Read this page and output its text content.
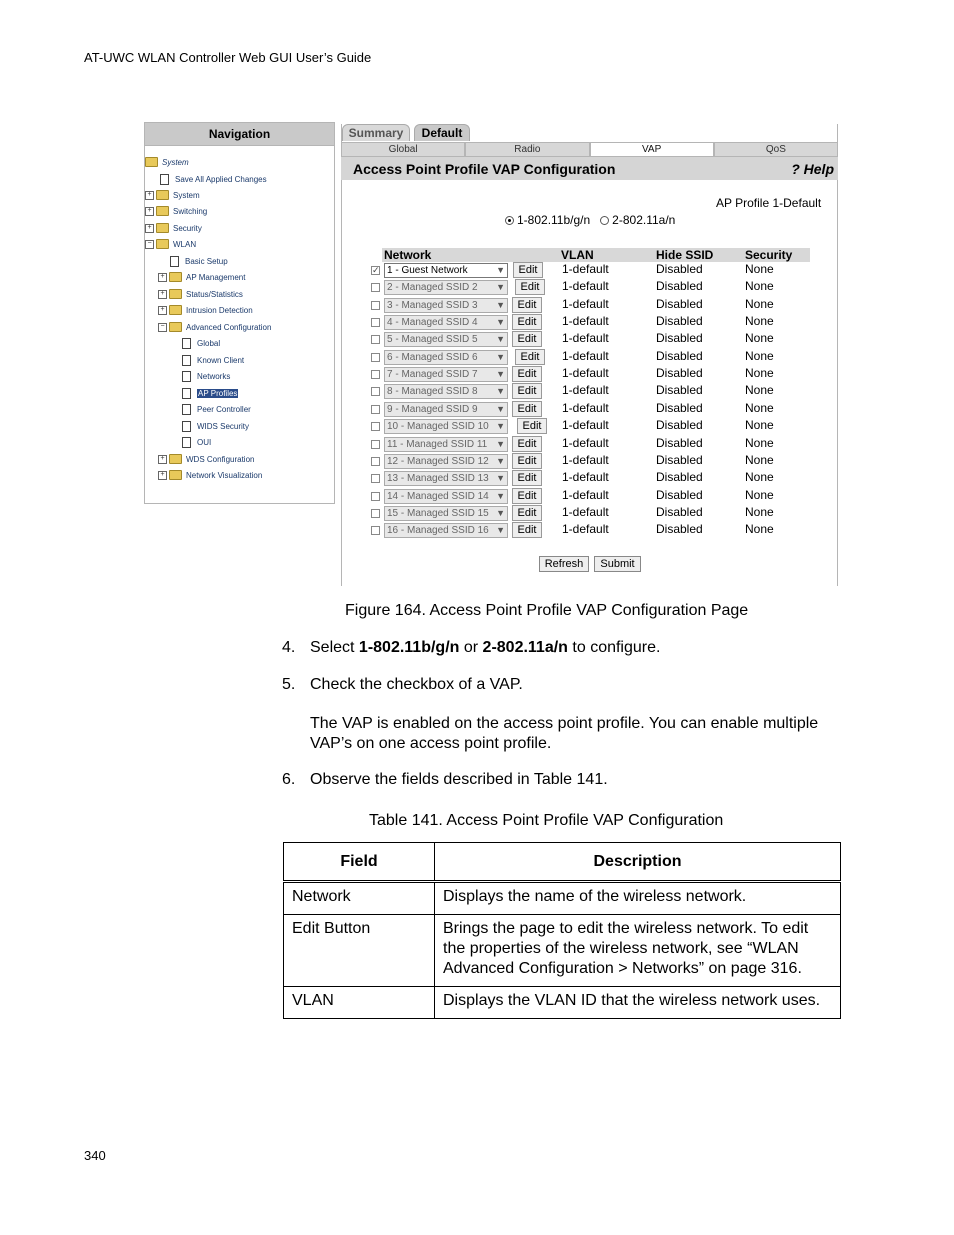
AT-UWC WLAN Controller Web GUI User’s Guide
Navigation
System
Save All Applied Changes
+	System
+	Switching
+	Security
−	WLAN
Basic Setup
+	AP Management
+	Status/Statistics
+	Intrusion Detection
−	Advanced Configuration
Global
Known Client
Networks
AP Profiles
Peer Controller
WIDS Security
OUI
+	WDS Configuration
+	Network Visualization
Summary	Default
Global	Radio	VAP	QoS
Access Point Profile VAP Configuration	? Help
AP Profile 1-Default
1-802.11b/g/n 2-802.11a/n
Network	VLAN	Hide SSID	Security
✓ 1 - Guest Network	▼	Edit	1-default	Disabled	None
2 - Managed SSID 2 ▼	Edit	1-default	Disabled	None
3 - Managed SSID 3 ▼	Edit	1-default	Disabled	None
4 - Managed SSID 4 ▼	Edit	1-default	Disabled	None
5 - Managed SSID 5 ▼	Edit	1-default	Disabled	None
6 - Managed SSID 6 ▼	Edit	1-default	Disabled	None
7 - Managed SSID 7 ▼	Edit	1-default	Disabled	None
8 - Managed SSID 8 ▼	Edit	1-default	Disabled	None
9 - Managed SSID 9 ▼	Edit	1-default	Disabled	None
10 - Managed SSID 10 ▼	Edit	1-default	Disabled	None
11 - Managed SSID 11 ▼	Edit	1-default	Disabled	None
12 - Managed SSID 12 ▼	Edit	1-default	Disabled	None
13 - Managed SSID 13 ▼	Edit	1-default	Disabled	None
14 - Managed SSID 14 ▼	Edit	1-default	Disabled	None
15 - Managed SSID 15 ▼	Edit	1-default	Disabled	None
16 - Managed SSID 16 ▼	Edit	1-default	Disabled	None
Refresh	Submit
Figure 164. Access Point Profile VAP Configuration Page
4. Select 1-802.11b/g/n or 2-802.11a/n to configure.
5. Check the checkbox of a VAP.
The VAP is enabled on the access point profile. You can enable multiple VAP’s on one access point profile.
6. Observe the fields described in Table 141.
Table 141. Access Point Profile VAP Configuration
Field	Description
Network	Displays the name of the wireless network.
Edit Button	Brings the page to edit the wireless network. To edit the properties of the wireless network, see “WLAN Advanced Configuration > Networks” on page 316.
VLAN	Displays the VLAN ID that the wireless network uses.
340
